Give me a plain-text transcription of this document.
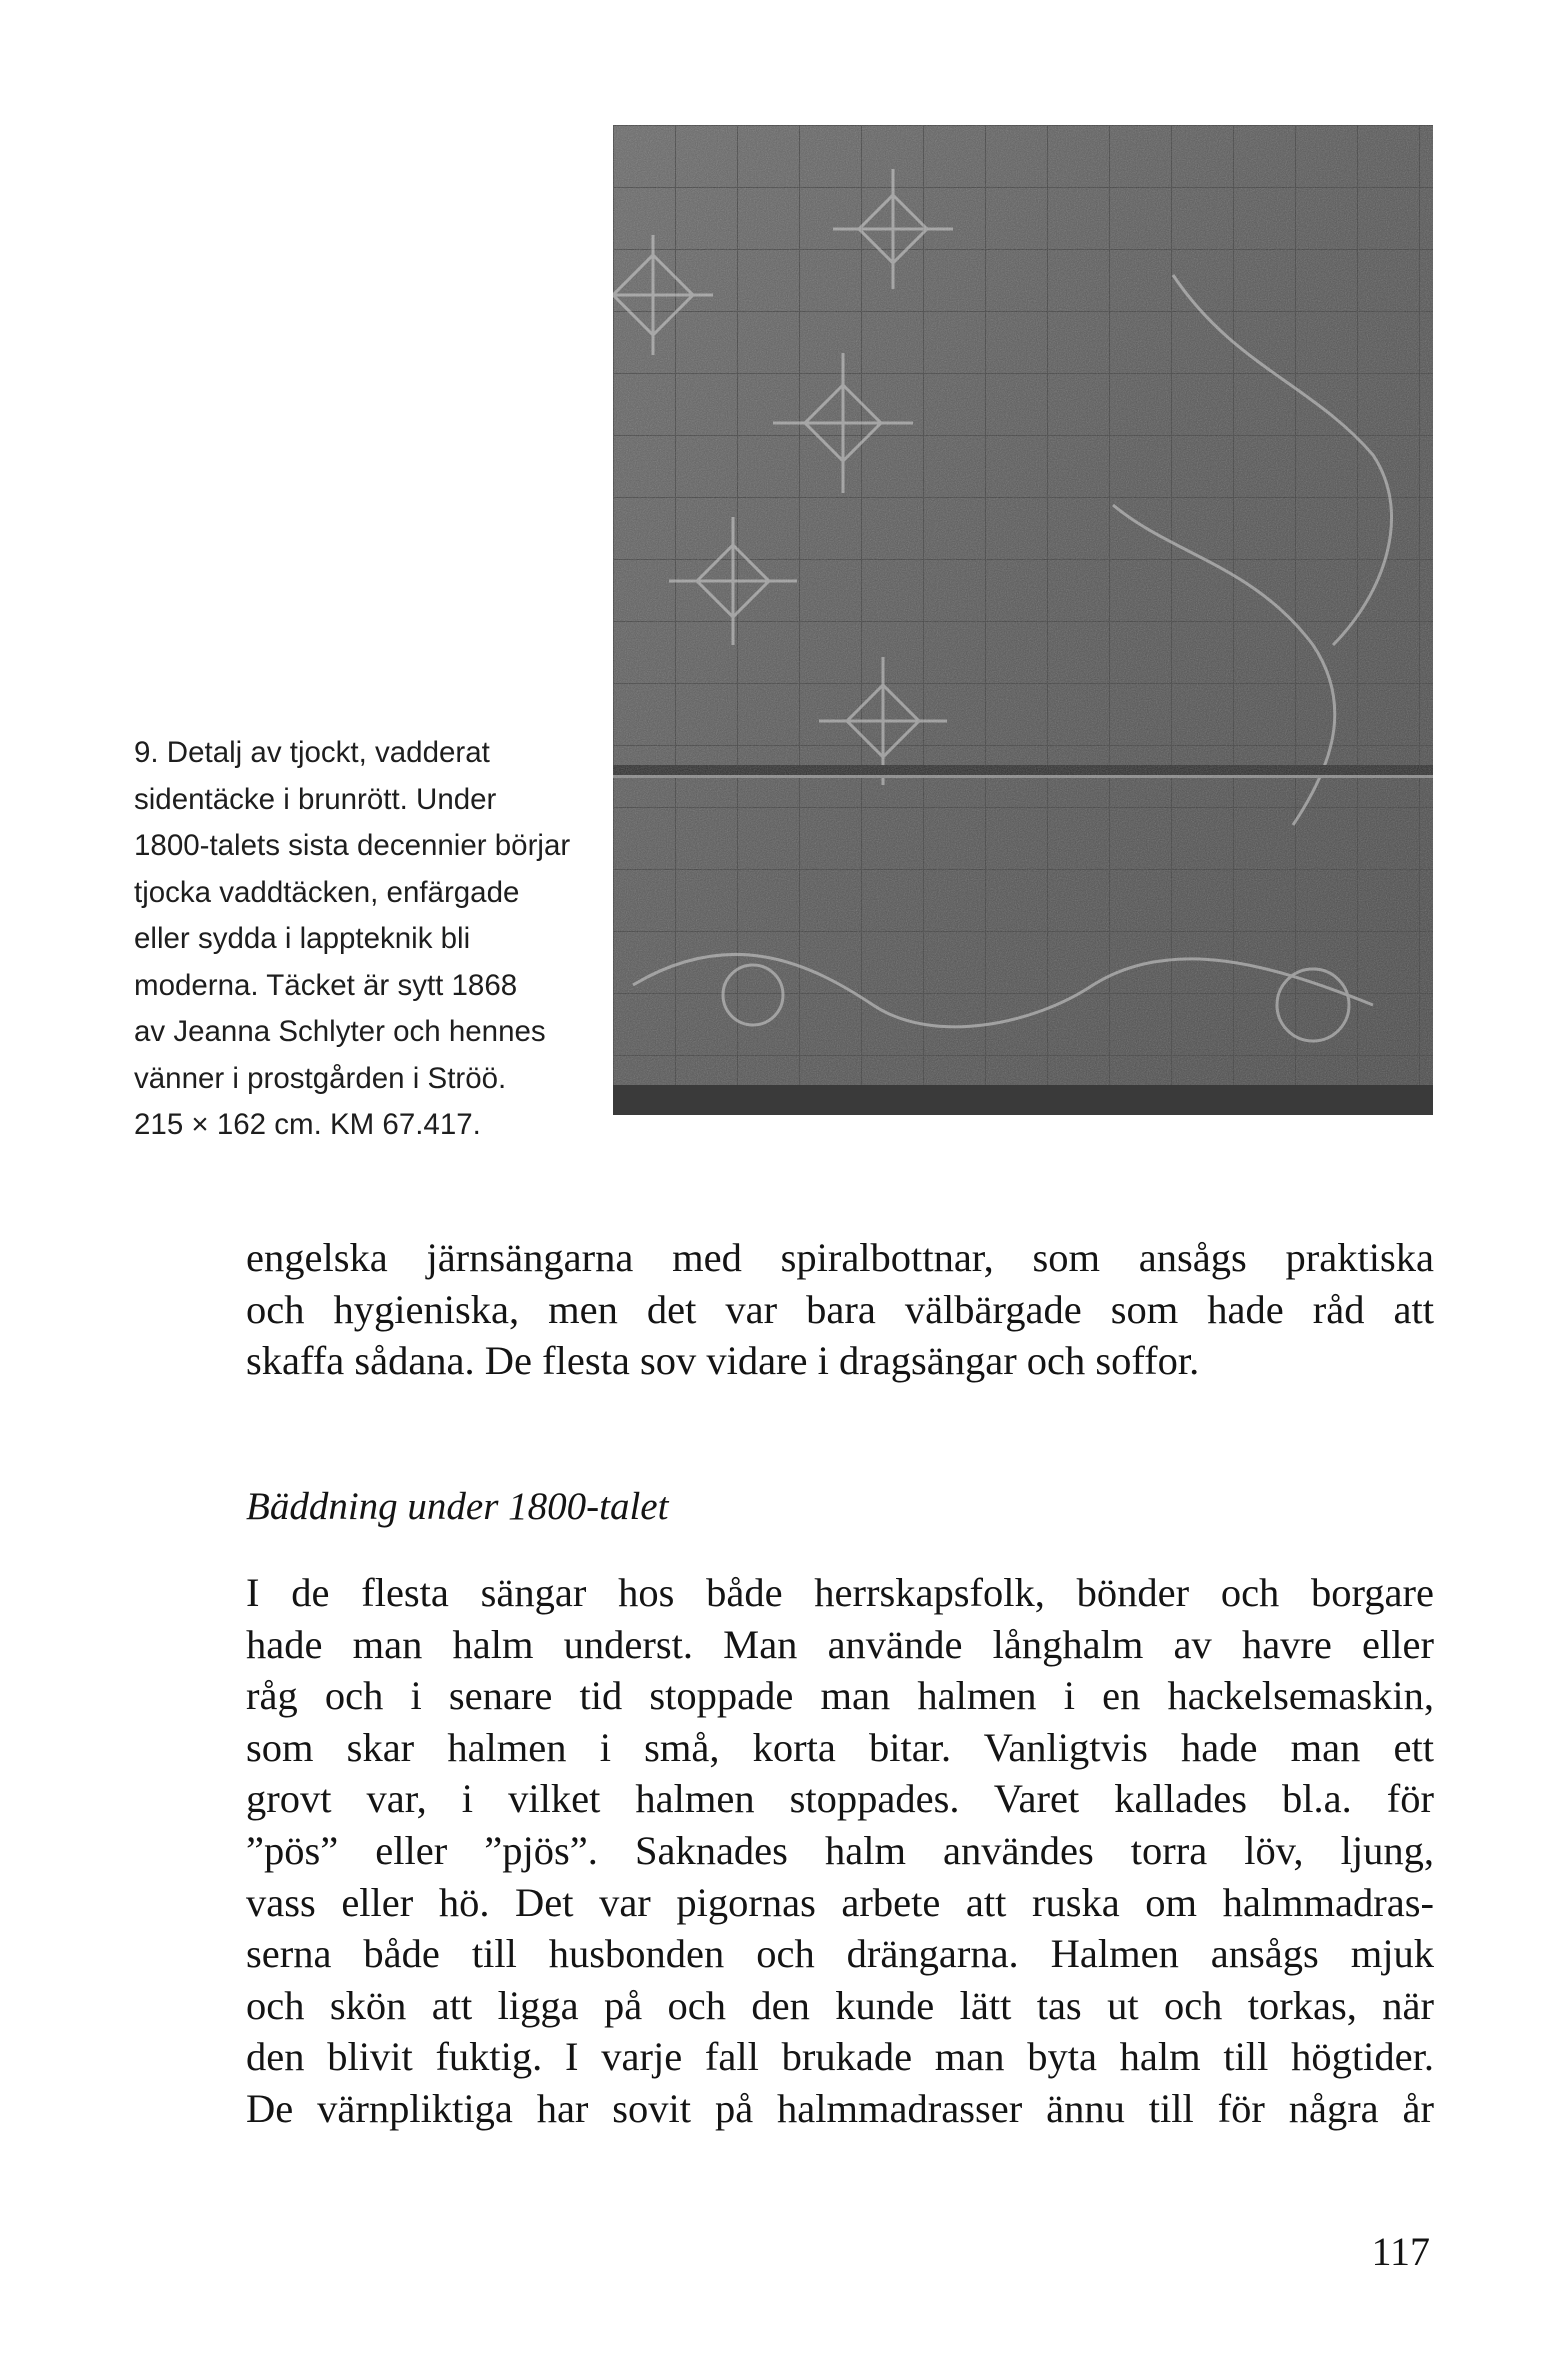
9. Detalj av tjockt, vadderat
sidentäcke i brunrött. Under
1800-talets sista decennier börjar
tjocka vaddtäcken, enfärgade
eller sydda i lappteknik bli
moderna. Täcket är sytt 1868
av Jeanna Schlyter och hennes
vänner i prostgården i Ströö.
215 × 162 cm. KM 67.417.
engelska järnsängarna med spiralbottnar, som ansågs praktiska
och hygieniska, men det var bara välbärgade som hade råd att
skaffa sådana. De flesta sov vidare i dragsängar och soffor.
Bäddning under 1800-talet
I de flesta sängar hos både herrskapsfolk, bönder och borgare
hade man halm underst. Man använde långhalm av havre eller
råg och i senare tid stoppade man halmen i en hackelsemaskin,
som skar halmen i små, korta bitar. Vanligtvis hade man ett
grovt var, i vilket halmen stoppades. Varet kallades bl.a. för
”pös” eller ”pjös”. Saknades halm användes torra löv, ljung,
vass eller hö. Det var pigornas arbete att ruska om halmmadras-
serna både till husbonden och drängarna. Halmen ansågs mjuk
och skön att ligga på och den kunde lätt tas ut och torkas, när
den blivit fuktig. I varje fall brukade man byta halm till högtider.
De värnpliktiga har sovit på halmmadrasser ännu till för några år
117
